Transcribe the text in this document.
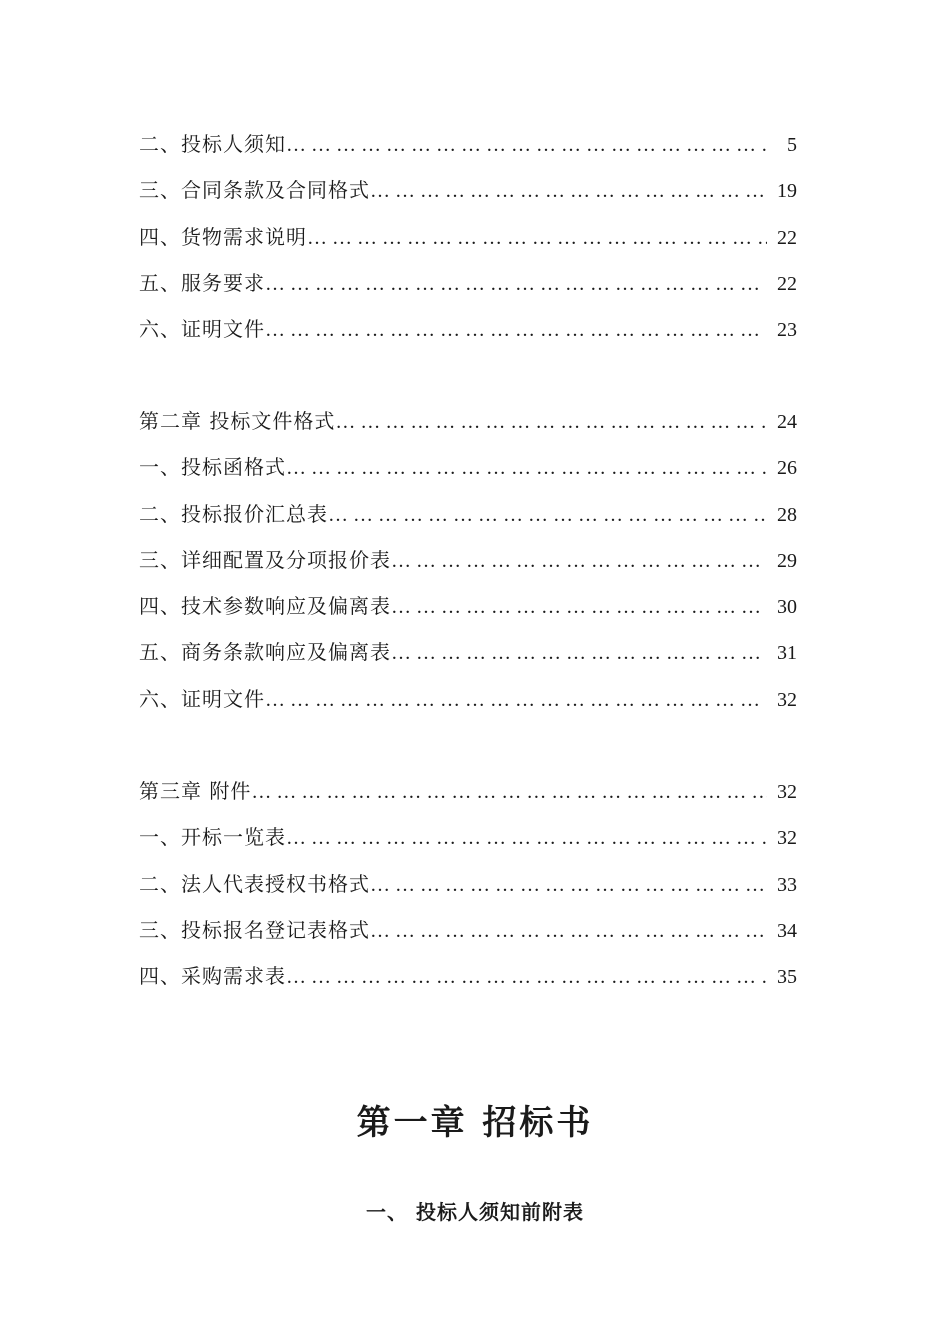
二、投标人须知 … … … … … … … … … … … … … … … … … … … … … … … … … … … … … … … … … … … … … … … … … … … … … … … … … … …	5
三、合同条款及合同格式 … … … … … … … … … … … … … … … … … … … … … … … … … … … … … … … … … … … … … … … … … … … … … … … … … … …	19
四、货物需求说明 … … … … … … … … … … … … … … … … … … … … … … … … … … … … … … … … … … … … … … … … … … … … … … … … … … …	22
五、服务要求 … … … … … … … … … … … … … … … … … … … … … … … … … … … … … … … … … … … … … … … … … … … … … … … … … … …	22
六、证明文件 … … … … … … … … … … … … … … … … … … … … … … … … … … … … … … … … … … … … … … … … … … … … … … … … … … …	23
第二章 投标文件格式 … … … … … … … … … … … … … … … … … … … … … … … … … … … … … … … … … … … … … … … … … … … … … … … … … … …	24
一、投标函格式 … … … … … … … … … … … … … … … … … … … … … … … … … … … … … … … … … … … … … … … … … … … … … … … … … … …	26
二、投标报价汇总表 … … … … … … … … … … … … … … … … … … … … … … … … … … … … … … … … … … … … … … … … … … … … … … … … … … …	28
三、详细配置及分项报价表 … … … … … … … … … … … … … … … … … … … … … … … … … … … … … … … … … … … … … … … … … … … … … … … … … … …	29
四、技术参数响应及偏离表 … … … … … … … … … … … … … … … … … … … … … … … … … … … … … … … … … … … … … … … … … … … … … … … … … … …	30
五、商务条款响应及偏离表 … … … … … … … … … … … … … … … … … … … … … … … … … … … … … … … … … … … … … … … … … … … … … … … … … … …	31
六、证明文件 … … … … … … … … … … … … … … … … … … … … … … … … … … … … … … … … … … … … … … … … … … … … … … … … … … …	32
第三章 附件 … … … … … … … … … … … … … … … … … … … … … … … … … … … … … … … … … … … … … … … … … … … … … … … … … … …	32
一、开标一览表 … … … … … … … … … … … … … … … … … … … … … … … … … … … … … … … … … … … … … … … … … … … … … … … … … … …	32
二、法人代表授权书格式 … … … … … … … … … … … … … … … … … … … … … … … … … … … … … … … … … … … … … … … … … … … … … … … … … … …	33
三、投标报名登记表格式 … … … … … … … … … … … … … … … … … … … … … … … … … … … … … … … … … … … … … … … … … … … … … … … … … … …	34
四、采购需求表 … … … … … … … … … … … … … … … … … … … … … … … … … … … … … … … … … … … … … … … … … … … … … … … … … … …	35
第一章 招标书
一、 投标人须知前附表
